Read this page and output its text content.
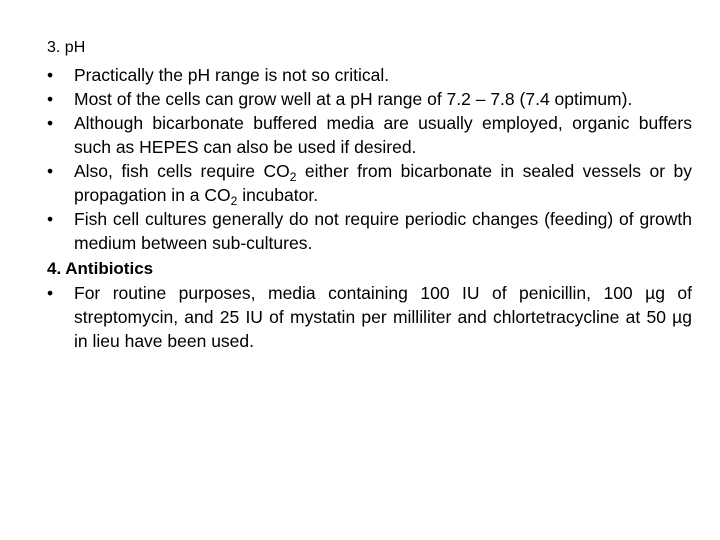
3. pH
•	Practically the pH range is not so critical.
•	Most of the cells can grow well at a pH range of 7.2 – 7.8 (7.4 optimum).
•	Although bicarbonate buffered media are usually employed, organic buffers such as HEPES can also be used if desired.
•	Also, fish cells require $CO_2$ either from bicarbonate in sealed vessels or by propagation in a $CO_2$ incubator.
•	Fish cell cultures generally do not require periodic changes (feeding) of growth medium between sub-cultures.
4. Antibiotics
•	For routine purposes, media containing 100 IU of penicillin, 100 µg of streptomycin, and 25 IU of mystatin per milliliter and chlortetracycline at 50 µg in lieu have been used.
